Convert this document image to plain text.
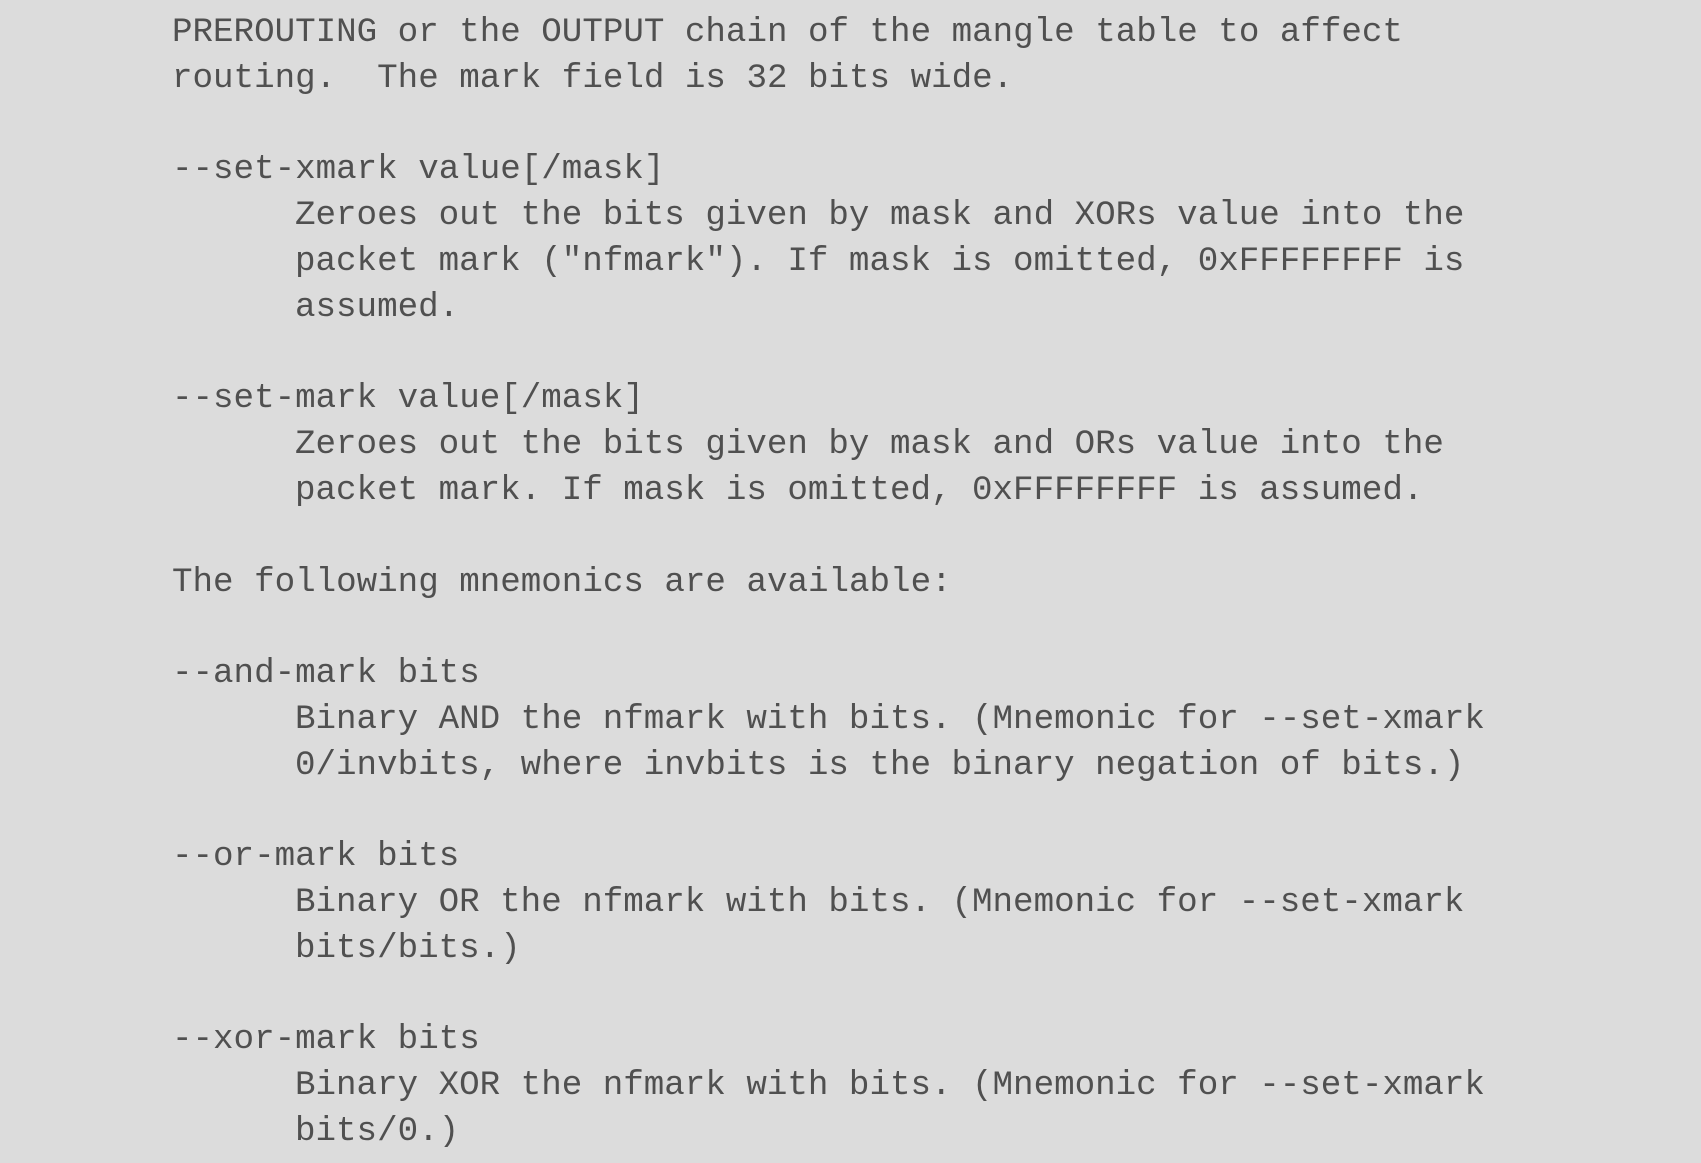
PREROUTING or the OUTPUT chain of the mangle table to affect
routing.  The mark field is 32 bits wide.
--set-xmark value[/mask]
Zeroes out the bits given by mask and XORs value into the
packet mark ("nfmark"). If mask is omitted, 0xFFFFFFFF is
assumed.
--set-mark value[/mask]
Zeroes out the bits given by mask and ORs value into the
packet mark. If mask is omitted, 0xFFFFFFFF is assumed.
The following mnemonics are available:
--and-mark bits
Binary AND the nfmark with bits. (Mnemonic for --set-xmark
0/invbits, where invbits is the binary negation of bits.)
--or-mark bits
Binary OR the nfmark with bits. (Mnemonic for --set-xmark
bits/bits.)
--xor-mark bits
Binary XOR the nfmark with bits. (Mnemonic for --set-xmark
bits/0.)
